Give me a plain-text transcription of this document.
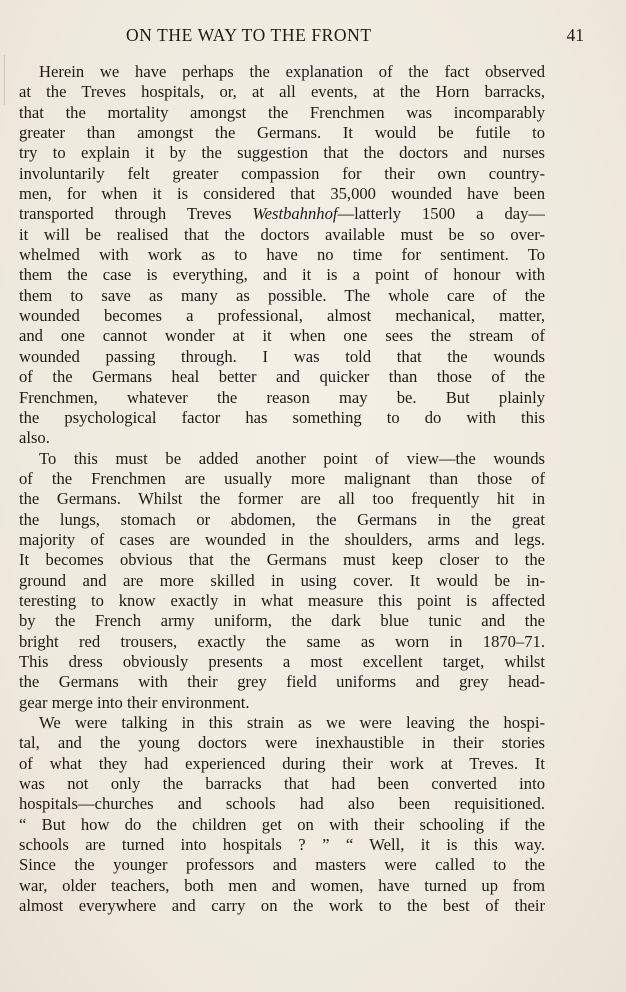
ON THE WAY TO THE FRONT	41
Herein we have perhaps the explanation of the fact observed
at the Treves hospitals, or, at all events, at the Horn barracks,
that the mortality amongst the Frenchmen was incomparably
greater than amongst the Germans. It would be futile to
try to explain it by the suggestion that the doctors and nurses
involuntarily felt greater compassion for their own country-
men, for when it is considered that 35,000 wounded have been
transported through Treves Westbahnhof—latterly 1500 a day—
it will be realised that the doctors available must be so over-
whelmed with work as to have no time for sentiment. To
them the case is everything, and it is a point of honour with
them to save as many as possible. The whole care of the
wounded becomes a professional, almost mechanical, matter,
and one cannot wonder at it when one sees the stream of
wounded passing through. I was told that the wounds
of the Germans heal better and quicker than those of the
Frenchmen, whatever the reason may be. But plainly
the psychological factor has something to do with this
also.
To this must be added another point of view—the wounds
of the Frenchmen are usually more malignant than those of
the Germans. Whilst the former are all too frequently hit in
the lungs, stomach or abdomen, the Germans in the great
majority of cases are wounded in the shoulders, arms and legs.
It becomes obvious that the Germans must keep closer to the
ground and are more skilled in using cover. It would be in-
teresting to know exactly in what measure this point is affected
by the French army uniform, the dark blue tunic and the
bright red trousers, exactly the same as worn in 1870–71.
This dress obviously presents a most excellent target, whilst
the Germans with their grey field uniforms and grey head-
gear merge into their environment.
We were talking in this strain as we were leaving the hospi-
tal, and the young doctors were inexhaustible in their stories
of what they had experienced during their work at Treves. It
was not only the barracks that had been converted into
hospitals—churches and schools had also been requisitioned.
“ But how do the children get on with their schooling if the
schools are turned into hospitals ? ” “ Well, it is this way.
Since the younger professors and masters were called to the
war, older teachers, both men and women, have turned up from
almost everywhere and carry on the work to the best of their
